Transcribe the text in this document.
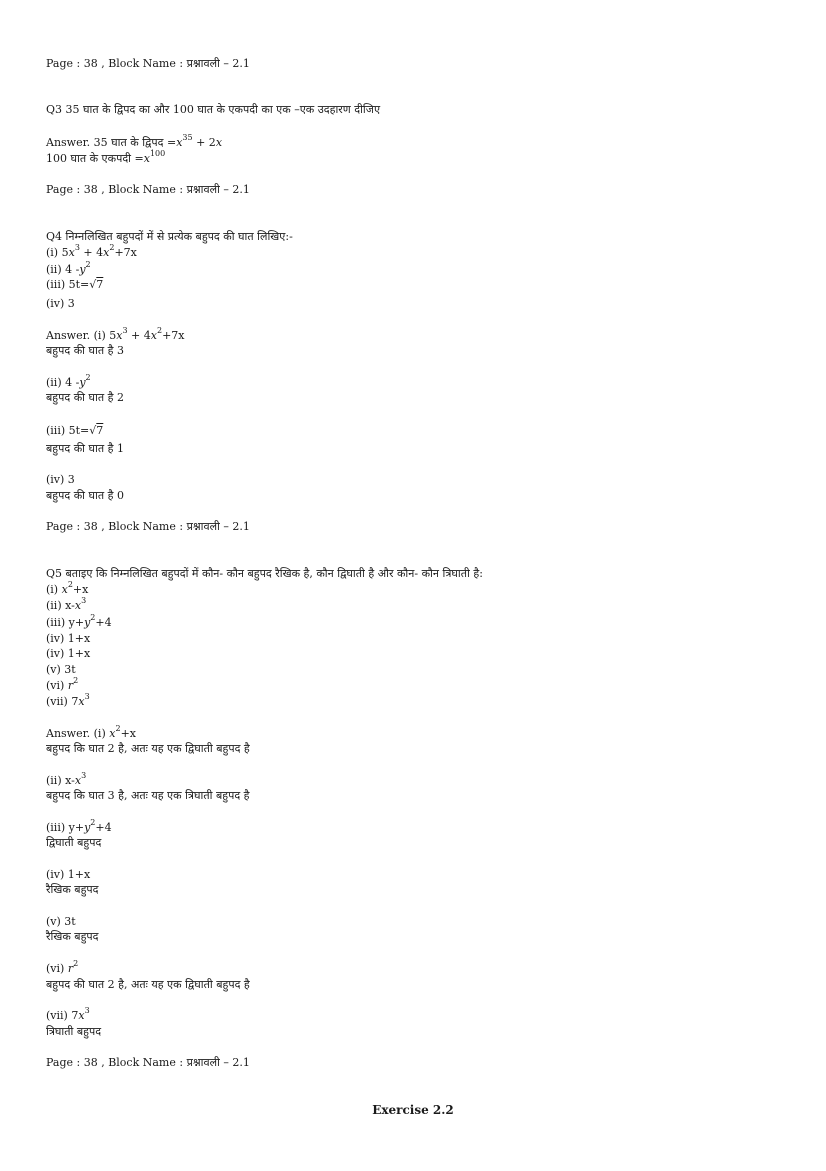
Page : 38 , Block Name : प्रश्नावली – 2.1
Q3 35 घात के द्विपद का और 100 घात के एकपदी का एक –एक उदहारण दीजिए
Answer. 35 घात के द्विपद $=x^{35} + 2x$
100 घात के एकपदी $=x^{100}$
Page : 38 , Block Name : प्रश्नावली – 2.1
Q4 निम्नलिखित बहुपदों में से प्रत्येक बहुपद की घात लिखिए:-
(i) $5x^3 + 4x^2+7x$
(ii) 4 $-y^2$
(iii) 5t=√7
(iv) 3
Answer. (i) $5x^3 + 4x^2+7x$
बहुपद की घात है 3
(ii) 4 $-y^2$
बहुपद की घात है 2
(iii) 5t=√7
बहुपद की घात है 1
(iv) 3
बहुपद की घात है 0
Page : 38 , Block Name : प्रश्नावली – 2.1
Q5 बताइए कि निम्नलिखित बहुपदों में कौन- कौन बहुपद रैखिक है, कौन द्विघाती है और कौन- कौन त्रिघाती है:
(i) $x^2+x$
(ii) $x-x^3$
(iii) $y+y^2+4$
(iv) 1+x
(iv) 1+x
(v) 3t
(vi) $r^2$
(vii) $7x^3$
Answer. (i) $x^2+x$
बहुपद कि घात 2 है, अतः यह एक द्विघाती बहुपद है
(ii) $x-x^3$
बहुपद कि घात 3 है, अतः यह एक त्रिघाती बहुपद है
(iii) $y+y^2+4$
द्विघाती बहुपद
(iv) 1+x
रैखिक बहुपद
(v) 3t
रैखिक बहुपद
(vi) $r^2$
बहुपद की घात 2 है, अतः यह एक द्विघाती बहुपद है
(vii) $7x^3$
त्रिघाती बहुपद
Page : 38 , Block Name : प्रश्नावली – 2.1
Exercise 2.2
